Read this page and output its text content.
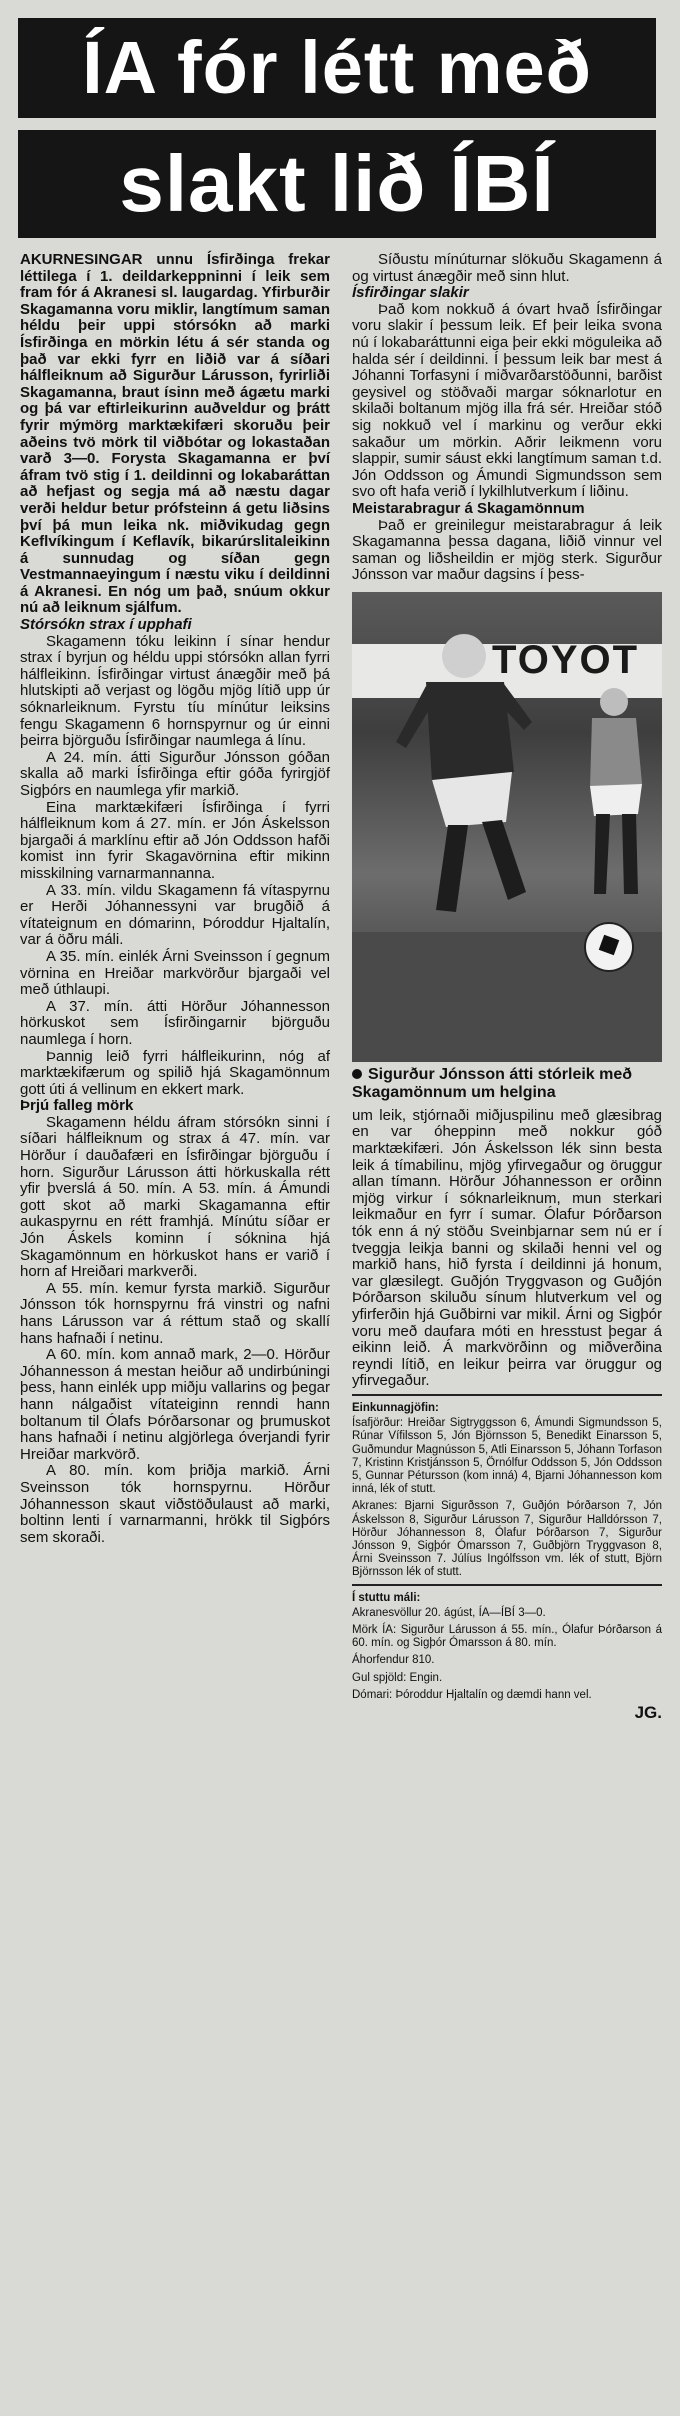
ÍA fór létt með
slakt lið ÍBÍ

AKURNESINGAR unnu Ísfirðinga frekar léttilega í 1. deildarkeppninni í leik sem fram fór á Akranesi sl. laugardag. Yfirburðir Skagamanna voru miklir, langtímum saman héldu þeir uppi stórsókn að marki Ísfirðinga en mörkin létu á sér standa og það var ekki fyrr en liðið var á síðari hálfleiknum að Sigurður Lárusson, fyrirliði Skagamanna, braut ísinn með ágætu marki og þá var eftirleikurinn auðveldur og þrátt fyrir mýmörg marktækifæri skoruðu þeir aðeins tvö mörk til viðbótar og lokastaðan varð 3—0. Forysta Skagamanna er því áfram tvö stig í 1. deildinni og lokabaráttan að hefjast og segja má að næstu dagar verði heldur betur prófsteinn á getu liðsins því þá mun leika nk. miðvikudag gegn Keflvíkingum í Keflavík, bikarúrslitaleikinn á sunnudag og síðan gegn Vestmannaeyingum í næstu viku í deildinni á Akranesi. En nóg um það, snúum okkur nú að leiknum sjálfum.

Stórsókn strax í upphafi

Skagamenn tóku leikinn í sínar hendur strax í byrjun og héldu uppi stórsókn allan fyrri hálfleikinn. Ísfirðingar virtust ánægðir með þá hlutskipti að verjast og lögðu mjög lítið upp úr sóknarleiknum. Fyrstu tíu mínútur leiksins fengu Skagamenn 6 hornspyrnur og úr einni þeirra björguðu Ísfirðingar naumlega á línu.

A 24. mín. átti Sigurður Jónsson góðan skalla að marki Ísfirðinga eftir góða fyrirgjöf Sigþórs en naumlega yfir markið.

Eina marktækifæri Ísfirðinga í fyrri hálfleiknum kom á 27. mín. er Jón Áskelsson bjargaði á marklínu eftir að Jón Oddsson hafði komist inn fyrir Skagavörnina eftir mikinn misskilning varnarmannanna.

A 33. mín. vildu Skagamenn fá vítaspyrnu er Herði Jóhannessyni var brugðið á vítateignum en dómarinn, Þóroddur Hjaltalín, var á öðru máli.

A 35. mín. einlék Árni Sveinsson í gegnum vörnina en Hreiðar markvörður bjargaði vel með úthlaupi.

A 37. mín. átti Hörður Jóhannesson hörkuskot sem Ísfirðingarnir björguðu naumlega í horn.

Þannig leið fyrri hálfleikurinn, nóg af marktækifærum og spilið hjá Skagamönnum gott úti á vellinum en ekkert mark.

Þrjú falleg mörk

Skagamenn héldu áfram stórsókn sinni í síðari hálfleiknum og strax á 47. mín. var Hörður í dauðafæri en Ísfirðingar björguðu í horn. Sigurður Lárusson átti hörkuskalla rétt yfir þverslá á 50. mín. A 53. mín. á Ámundi gott skot að marki Skagamanna eftir aukaspyrnu en rétt framhjá. Mínútu síðar er Jón Áskels kominn í sóknina hjá Skagamönnum en hörkuskot hans er varið í horn af Hreiðari markverði.

A 55. mín. kemur fyrsta markið. Sigurður Jónsson tók hornspyrnu frá vinstri og nafni hans Lárusson var á réttum stað og skallí hans hafnaði í netinu.

A 60. mín. kom annað mark, 2—0. Hörður Jóhannesson á mestan heiður að undirbúningi þess, hann einlék upp miðju vallarins og þegar hann nálgaðist vítateiginn renndi hann boltanum til Ólafs Þórðarsonar og þrumuskot hans hafnaði í netinu algjörlega óverjandi fyrir Hreiðar markvörð.

A 80. mín. kom þriðja markið. Árni Sveinsson tók hornspyrnu. Hörður Jóhannesson skaut viðstöðulaust að marki, boltinn lenti í varnarmanni, hrökk til Sigþórs sem skoraði.

Síðustu mínúturnar slökuðu Skagamenn á og virtust ánægðir með sinn hlut.

Ísfirðingar slakir

Það kom nokkuð á óvart hvað Ísfirðingar voru slakir í þessum leik. Ef þeir leika svona nú í lokabaráttunni eiga þeir ekki möguleika að halda sér í deildinni. Í þessum leik bar mest á Jóhanni Torfasyni í miðvarðarstöðunni, barðist geysivel og stöðvaði margar sóknarlotur en skilaði boltanum mjög illa frá sér. Hreiðar stóð sig nokkuð vel í markinu og verður ekki sakaður um mörkin. Aðrir leikmenn voru slappir, sumir sáust ekki langtímum saman t.d. Jón Oddsson og Ámundi Sigmundsson sem svo oft hafa verið í lykilhlutverkum í liðinu.

Meistarabragur á Skagamönnum

Það er greinilegur meistarabragur á leik Skagamanna þessa dagana, liðið vinnur vel saman og liðsheildin er mjög sterk. Sigurður Jónsson var maður dagsins í þess-

TOYOT
Sigurður Jónsson átti stórleik með Skagamönnum um helgina

um leik, stjórnaði miðjuspilinu með glæsibrag en var óheppinn með nokkur góð marktækifæri. Jón Áskelsson lék sinn besta leik á tímabilinu, mjög yfirvegaður og öruggur allan tímann. Hörður Jóhannesson er orðinn mjög virkur í sóknarleiknum, mun sterkari leikmaður en fyrr í sumar. Ólafur Þórðarson tók enn á ný stöðu Sveinbjarnar sem nú er í tveggja leikja banni og skilaði henni vel og markið hans, hið fyrsta í deildinni já honum, var glæsilegt. Guðjón Tryggvason og Guðjón Þórðarson skiluðu sínum hlutverkum vel og yfirferðin hjá Guðbirni var mikil. Árni og Sigþór voru með daufara móti en hresstust þegar á eikinn leið. Á markvörðinn og miðverðina reyndi lítið, en leikur þeirra var öruggur og yfirvegaður.

Einkunnagjöfin:

Ísafjörður: Hreiðar Sigtryggsson 6, Ámundi Sigmundsson 5, Rúnar Vífilsson 5, Jón Björnsson 5, Benedikt Einarsson 5, Guðmundur Magnússon 5, Atli Einarsson 5, Jóhann Torfason 7, Kristinn Kristjánsson 5, Örnólfur Oddsson 5, Jón Oddsson 5, Gunnar Pétursson (kom inná) 4, Bjarni Jóhannesson kom inná, lék of stutt.

Akranes: Bjarni Sigurðsson 7, Guðjón Þórðarson 7, Jón Áskelsson 8, Sigurður Lárusson 7, Sigurður Halldórsson 7, Hörður Jóhannesson 8, Ólafur Þórðarson 7, Sigurður Jónsson 9, Sigþór Ómarsson 7, Guðbjörn Tryggvason 8, Árni Sveinsson 7. Júlíus Ingólfsson vm. lék of stutt, Björn Björnsson lék of stutt.

Í stuttu máli:

Akranesvöllur 20. ágúst, ÍA—ÍBÍ 3—0.

Mörk ÍA: Sigurður Lárusson á 55. mín., Ólafur Þórðarson á 60. mín. og Sigþór Ómarsson á 80. mín.

Áhorfendur 810.

Gul spjöld: Engin.

Dómari: Þóroddur Hjaltalín og dæmdi hann vel.

JG.
